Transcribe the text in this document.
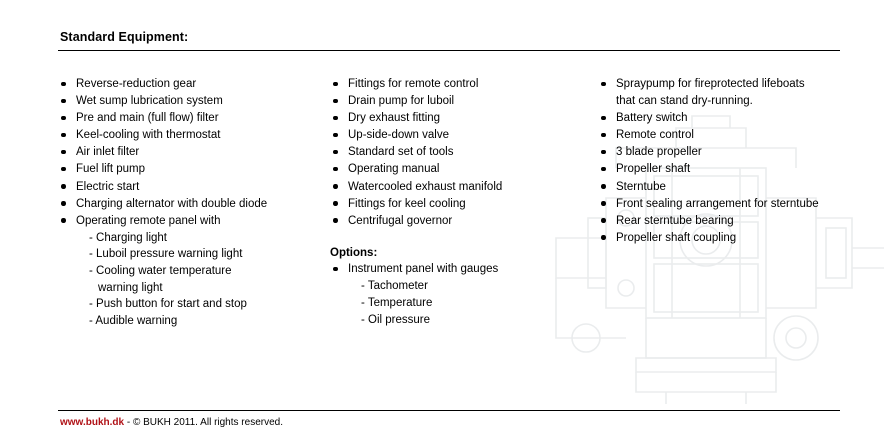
Standard Equipment:
Reverse-reduction gear
Wet sump lubrication system
Pre and main (full flow) filter
Keel-cooling with thermostat
Air inlet filter
Fuel lift pump
Electric start
Charging alternator with double diode
Operating remote panel with
- Charging light
- Luboil pressure warning light
- Cooling water temperature
warning light
- Push button for start and stop
- Audible warning
Fittings for remote control
Drain pump for luboil
Dry exhaust fitting
Up-side-down valve
Standard set of tools
Operating manual
Watercooled exhaust manifold
Fittings for keel cooling
Centrifugal governor
Options:
Instrument panel with gauges
- Tachometer
- Temperature
- Oil pressure
Spraypump for fireprotected lifeboats
that can stand dry-running.
Battery switch
Remote control
3 blade propeller
Propeller shaft
Sterntube
Front sealing arrangement for sterntube
Rear sterntube bearing
Propeller shaft coupling
www.bukh.dk - © BUKH 2011. All rights reserved.
